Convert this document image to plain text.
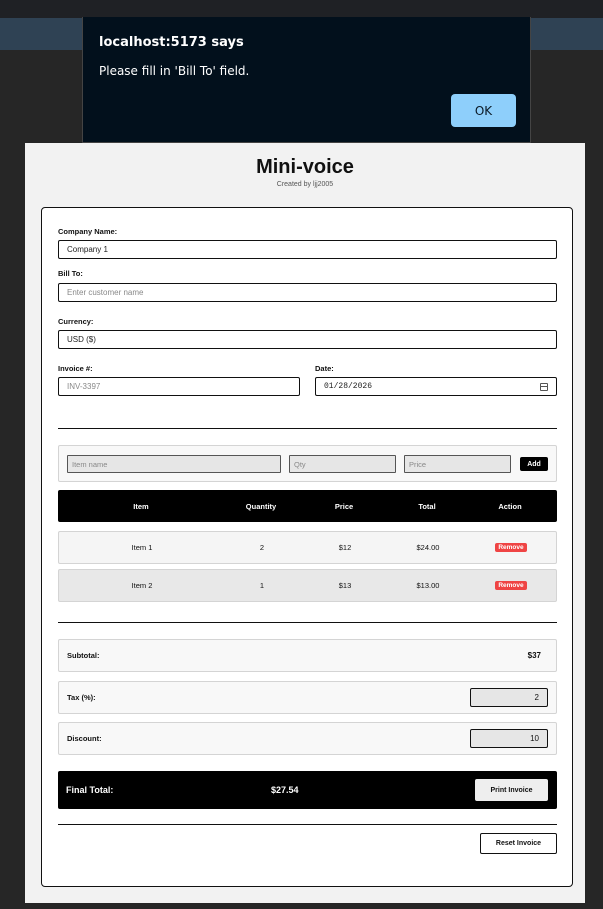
Mini-voice
Created by ljj2005
Company Name:
Company 1
Bill To:
Enter customer name
Currency:
USD ($)
Invoice #:
INV-3397
Date:
01/28/2026
Item name	Qty	Price	Add
Item	Quantity	Price	Total	Action
Item 1	2	$12	$24.00	Remove
Item 2	1	$13	$13.00	Remove
Subtotal:	$37
Tax (%):	2
Discount:	10
Final Total:	$27.54	Print Invoice
Reset Invoice
localhost:5173 says
Please fill in 'Bill To' field.
OK
